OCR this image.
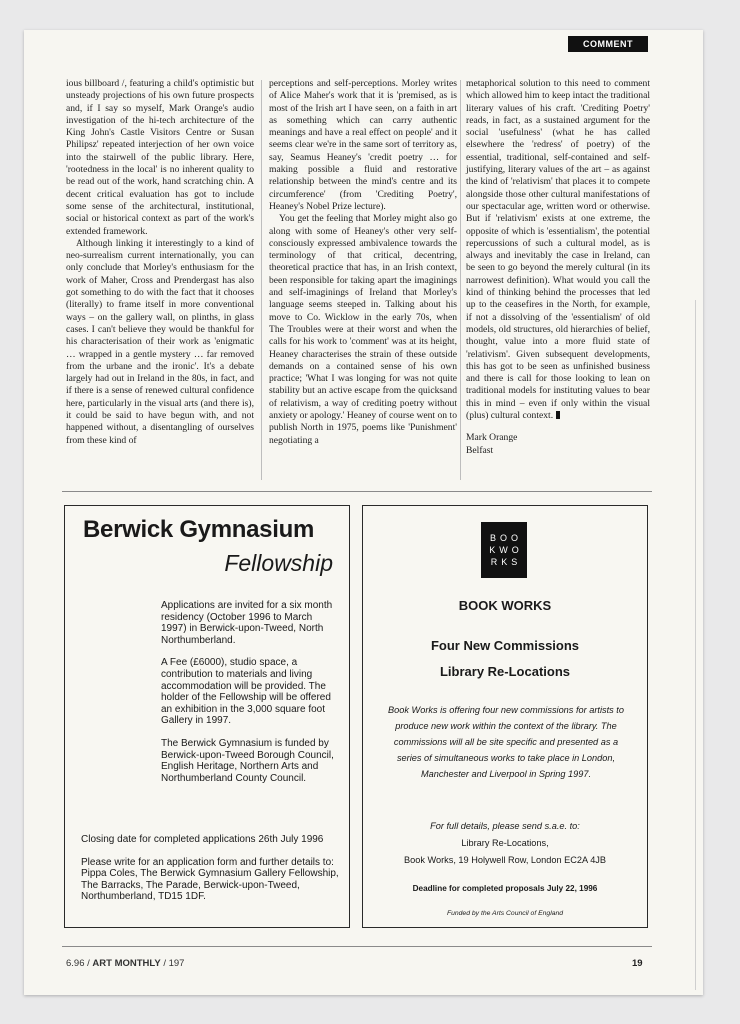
COMMENT

ious billboard /, featuring a child's optimistic but unsteady projections of his own future prospects and, if I say so myself, Mark Orange's audio investigation of the hi-tech architecture of the King John's Castle Visitors Centre or Susan Philipsz' repeated interjection of her own voice into the stairwell of the public library. Here, 'rootedness in the local' is no inherent quality to be read out of the work, hand scratching chin. A decent critical evaluation has got to include some sense of the architectural, institutional, social or historical context as part of the work's extended framework.

Although linking it interestingly to a kind of neo-surrealism current internationally, you can only conclude that Morley's enthusiasm for the work of Maher, Cross and Prendergast has also got something to do with the fact that it chooses (literally) to frame itself in more conventional ways – on the gallery wall, on plinths, in glass cases. I can't believe they would be thankful for his characterisation of their work as 'enigmatic … wrapped in a gentle mystery … far removed from the urbane and the ironic'. It's a debate largely had out in Ireland in the 80s, in fact, and if there is a sense of renewed cultural confidence here, particularly in the visual arts (and there is), it could be said to have begun with, and not happened without, a disentangling of ourselves from these kind of

perceptions and self-perceptions. Morley writes of Alice Maher's work that it is 'premised, as is most of the Irish art I have seen, on a faith in art as something which can carry authentic meanings and have a real effect on people' and it seems clear we're in the same sort of territory as, say, Seamus Heaney's 'credit poetry … for making possible a fluid and restorative relationship between the mind's centre and its circumference' (from 'Crediting Poetry', Heaney's Nobel Prize lecture).

You get the feeling that Morley might also go along with some of Heaney's other very self-consciously expressed ambivalence towards the terminology of that critical, decentring, theoretical practice that has, in an Irish context, been responsible for taking apart the imaginings and self-imaginings of Ireland that Morley's language seems steeped in. Talking about his move to Co. Wicklow in the early 70s, when The Troubles were at their worst and when the calls for his work to 'comment' was at its height, Heaney characterises the strain of these outside demands on a contained sense of his own practice; 'What I was longing for was not quite stability but an active escape from the quicksand of relativism, a way of crediting poetry without anxiety or apology.' Heaney of course went on to publish North in 1975, poems like 'Punishment' negotiating a

metaphorical solution to this need to comment which allowed him to keep intact the traditional literary values of his craft. 'Crediting Poetry' reads, in fact, as a sustained argument for the social 'usefulness' (what he has called elsewhere the 'redress' of poetry) of the essential, traditional, self-contained and self-justifying, literary values of the art – as against the kind of 'relativism' that places it to compete alongside those other cultural manifestations of our spectacular age, written word or otherwise. But if 'relativism' exists at one extreme, the opposite of which is 'essentialism', the potential repercussions of such a cultural model, as is always and inevitably the case in Ireland, can be seen to go beyond the merely cultural (in its narrowest definition). What would you call the kind of thinking behind the processes that led up to the ceasefires in the North, for example, if not a dissolving of the 'essentialism' of old models, old structures, old hierarchies of belief, thought, value into a more fluid state of 'relativism'. Given subsequent developments, this has got to be seen as unfinished business and there is call for those looking to lean on traditional models for instituting values to bear this in mind – even if only within the visual (plus) cultural context.

Mark Orange
Belfast

Berwick Gymnasium
Fellowship

Applications are invited for a six month residency (October 1996 to March 1997) in Berwick-upon-Tweed, North Northumberland.

A Fee (£6000), studio space, a contribution to materials and living accommodation will be provided. The holder of the Fellowship will be offered an exhibition in the 3,000 square foot Gallery in 1997.

The Berwick Gymnasium is funded by Berwick-upon-Tweed Borough Council, English Heritage, Northern Arts and Northumberland County Council.

Closing date for completed applications 26th July 1996

Please write for an application form and further details to: Pippa Coles, The Berwick Gymnasium Gallery Fellowship, The Barracks, The Parade, Berwick-upon-Tweed, Northumberland, TD15 1DF.

BOO
KWO
RKS
BOOK WORKS
Four New Commissions
Library Re-Locations
Book Works is offering four new commissions for artists to produce new work within the context of the library. The commissions will all be site specific and presented as a series of simultaneous works to take place in London, Manchester and Liverpool in Spring 1997.
For full details, please send s.a.e. to:
Library Re-Locations,
Book Works, 19 Holywell Row, London EC2A 4JB
Deadline for completed proposals July 22, 1996
Funded by the Arts Council of England
6.96 / ART MONTHLY / 197	19
